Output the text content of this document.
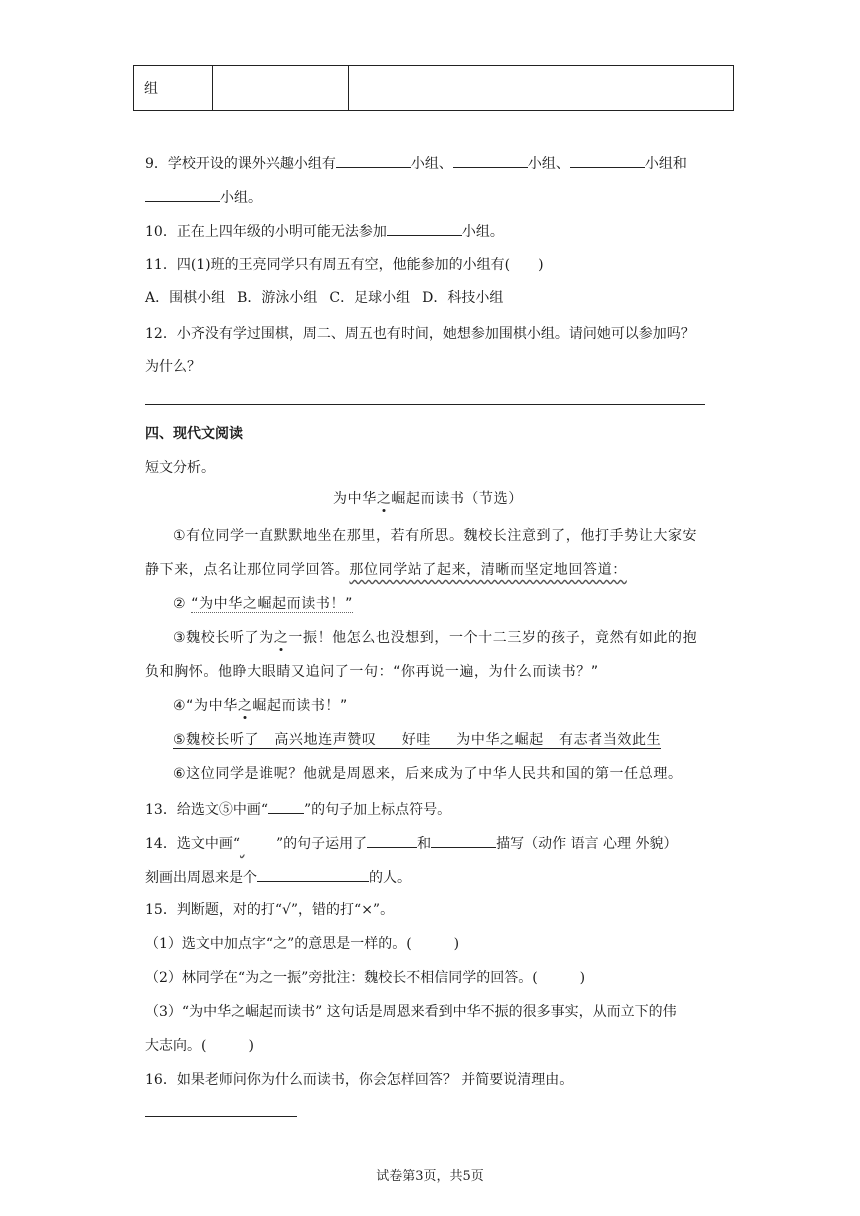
组		
9．学校开设的课外兴趣小组有	小组、	小组、	小组和
小组。
10．正在上四年级的小明可能无法参加	小组。
11．四(1)班的王亮同学只有周五有空，他能参加的小组有(　　)
A．围棋小组 B．游泳小组 C．足球小组 D．科技小组
12．小齐没有学过围棋，周二、周五也有时间，她想参加围棋小组。请问她可以参加吗？
为什么？
四、现代文阅读
短文分析。
为中华之崛起而读书（节选）
①有位同学一直默默地坐在那里，若有所思。魏校长注意到了，他打手势让大家安
静下来，点名让那位同学回答。那位同学站了起来，清晰而坚定地回答道：
② “为中华之崛起而读书！”
③魏校长听了为之一振！他怎么也没想到，一个十二三岁的孩子，竟然有如此的抱
负和胸怀。他睁大眼睛又追问了一句：“你再说一遍，为什么而读书？”
④“为中华之崛起而读书！”
⑤魏校长听了 高兴地连声赞叹 好哇 为中华之崛起 有志者当效此生
⑥这位同学是谁呢？他就是周恩来，后来成为了中华人民共和国的第一任总理。
13．给选文⑤中画“	”的句子加上标点符号。
14．选文中画“	”的句子运用了	和	描写（动作 语言 心理 外貌）
刻画出周恩来是个	的人。
15．判断题，对的打“√”，错的打“×”。
（1）选文中加点字“之”的意思是一样的。(　　　)
（2）林同学在“为之一振”旁批注：魏校长不相信同学的回答。(　　　)
（3）“为中华之崛起而读书” 这句话是周恩来看到中华不振的很多事实，从而立下的伟
大志向。(　　　)
16．如果老师问你为什么而读书，你会怎样回答？ 并简要说清理由。
试卷第3页，共5页
